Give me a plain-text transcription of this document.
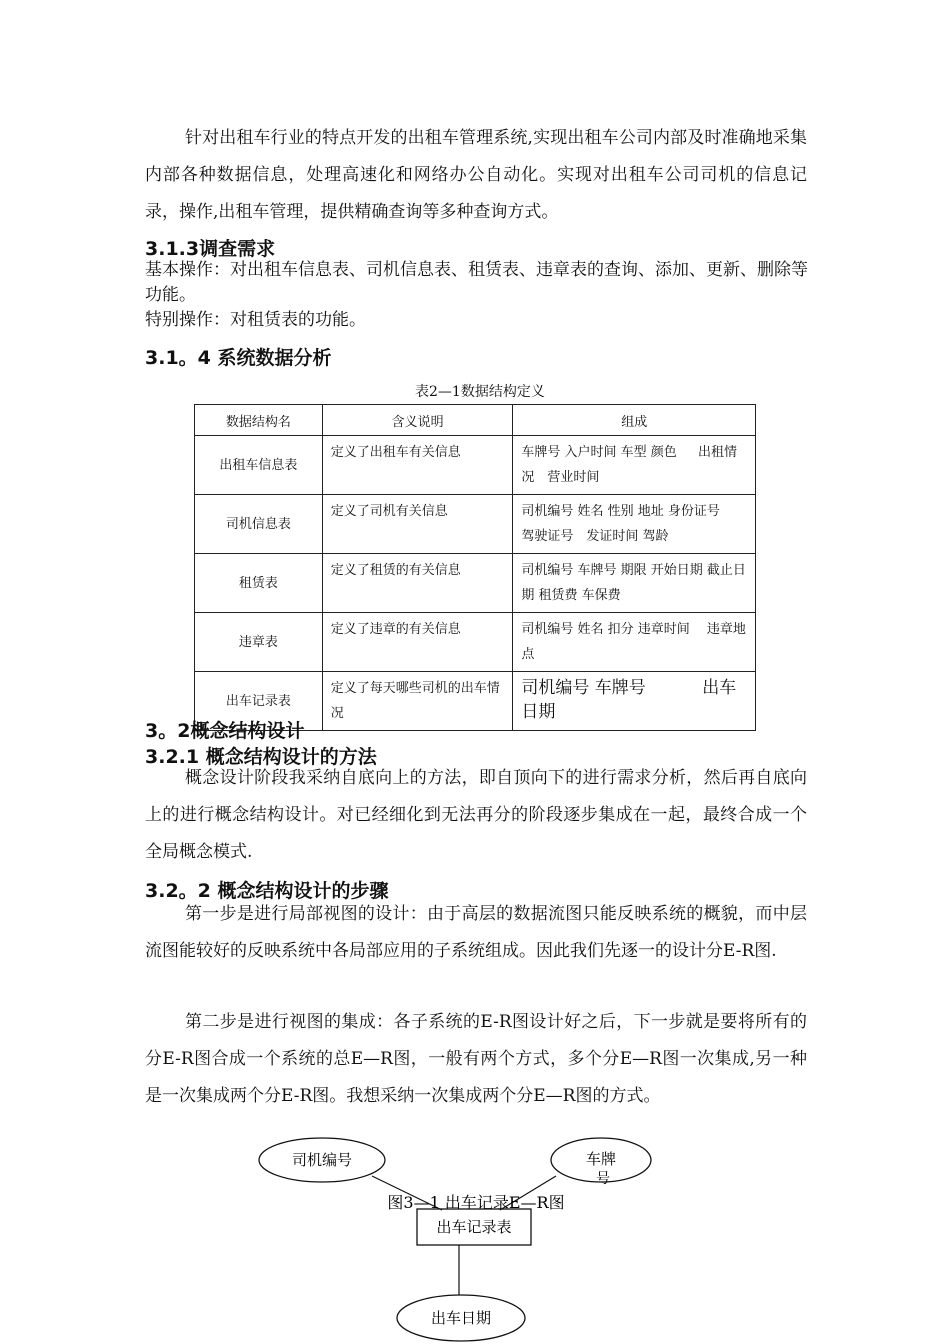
针对出租车行业的特点开发的出租车管理系统,实现出租车公司内部及时准确地采集内部各种数据信息，处理高速化和网络办公自动化。实现对出租车公司司机的信息记录，操作,出租车管理，提供精确查询等多种查询方式。

3.1.3调查需求

基本操作：对出租车信息表、司机信息表、租赁表、违章表的查询、添加、更新、删除等功能。

特别操作：对租赁表的功能。

3.1。4 系统数据分析

表2—1数据结构定义

数据结构名	含义说明	组成
出租车信息表	定义了出租车有关信息	车牌号 入户时间 车型 颜色 　 出租情况　营业时间
司机信息表	定义了司机有关信息	司机编号 姓名 性别 地址 身份证号　 驾驶证号　发证时间 驾龄
租赁表	定义了租赁的有关信息	司机编号 车牌号 期限 开始日期 截止日期 租赁费 车保费
违章表	定义了违章的有关信息	司机编号 姓名 扣分 违章时间 　违章地点
出车记录表	定义了每天哪些司机的出车情况	司机编号 车牌号 　　　出车日期
3。2概念结构设计
3.2.1 概念结构设计的方法

概念设计阶段我采纳自底向上的方法，即自顶向下的进行需求分析，然后再自底向上的进行概念结构设计。对已经细化到无法再分的阶段逐步集成在一起，最终合成一个全局概念模式.

3.2。2 概念结构设计的步骤

第一步是进行局部视图的设计：由于高层的数据流图只能反映系统的概貌，而中层流图能较好的反映系统中各局部应用的子系统组成。因此我们先逐一的设计分E-R图.

第二步是进行视图的集成：各子系统的E-R图设计好之后，下一步就是要将所有的分E-R图合成一个系统的总E—R图，一般有两个方式，多个分E—R图一次集成,另一种是一次集成两个分E-R图。我想采纳一次集成两个分E—R图的方式。

司机编号	车牌
号
图3—1 出车记录E—R图
出车记录表
出车日期
